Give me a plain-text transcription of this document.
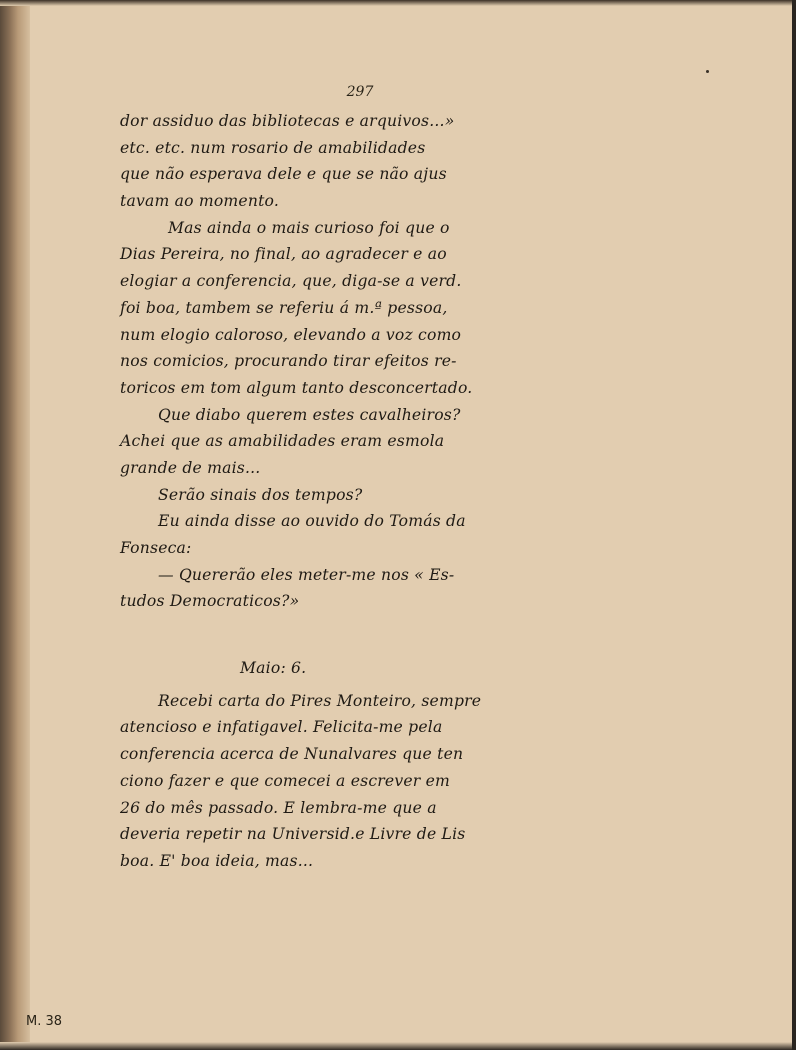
297
dor assiduo das bibliotecas e arquivos...»
etc. etc. num rosario de amabilidades
que não esperava dele e que se não ajus
tavam ao momento.
Mas ainda o mais curioso foi que o
Dias Pereira, no final, ao agradecer e ao
elogiar a conferencia, que, diga-se a verd.
foi boa, tambem se referiu á m.ª pessoa,
num elogio caloroso, elevando a voz como
nos comicios, procurando tirar efeitos re-
toricos em tom algum tanto desconcertado.
Que diabo querem estes cavalheiros?
Achei que as amabilidades eram esmola
grande de mais...
Serão sinais dos tempos?
Eu ainda disse ao ouvido do Tomás da
Fonseca:
— Quererão eles meter-me nos « Es-
tudos Democraticos?»
Maio: 6.
Recebi carta do Pires Monteiro, sempre
atencioso e infatigavel. Felicita-me pela
conferencia acerca de Nunalvares que ten
ciono fazer e que comecei a escrever em
26 do mês passado. E lembra-me que a
deveria repetir na Universid.e Livre de Lis
boa. E' boa ideia, mas...
M. 38
